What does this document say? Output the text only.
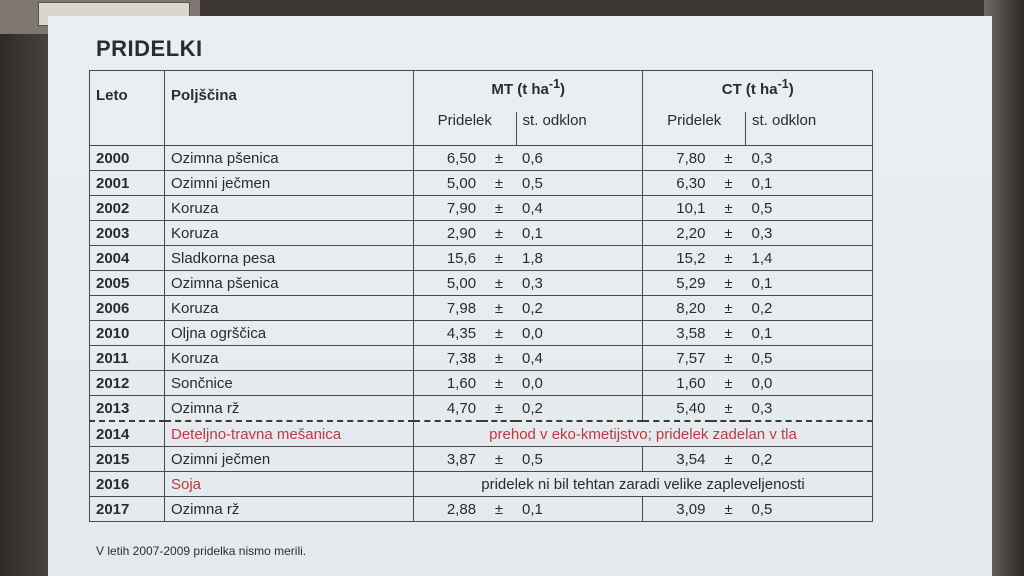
PRIDELKI
Leto	Poljščina	MT (t $ha^{-1}$)			CT (t $ha^{-1}$)		
		Pridelek		st. odklon	Pridelek		st. odklon
2000	Ozimna pšenica	6,50	±	0,6	7,80	±	0,3
2001	Ozimni ječmen	5,00	±	0,5	6,30	±	0,1
2002	Koruza	7,90	±	0,4	10,1	±	0,5
2003	Koruza	2,90	±	0,1	2,20	±	0,3
2004	Sladkorna pesa	15,6	±	1,8	15,2	±	1,4
2005	Ozimna pšenica	5,00	±	0,3	5,29	±	0,1
2006	Koruza	7,98	±	0,2	8,20	±	0,2
2010	Oljna ogrščica	4,35	±	0,0	3,58	±	0,1
2011	Koruza	7,38	±	0,4	7,57	±	0,5
2012	Sončnice	1,60	±	0,0	1,60	±	0,0
2013	Ozimna rž	4,70	±	0,2	5,40	±	0,3
2014	Deteljno-travna mešanica	prehod v eko-kmetijstvo; pridelek zadelan v tla					
2015	Ozimni ječmen	3,87	±	0,5	3,54	±	0,2
2016	Soja	pridelek ni bil tehtan zaradi velike zapleveljenosti					
2017	Ozimna rž	2,88	±	0,1	3,09	±	0,5
V letih 2007-2009 pridelka nismo merili.
